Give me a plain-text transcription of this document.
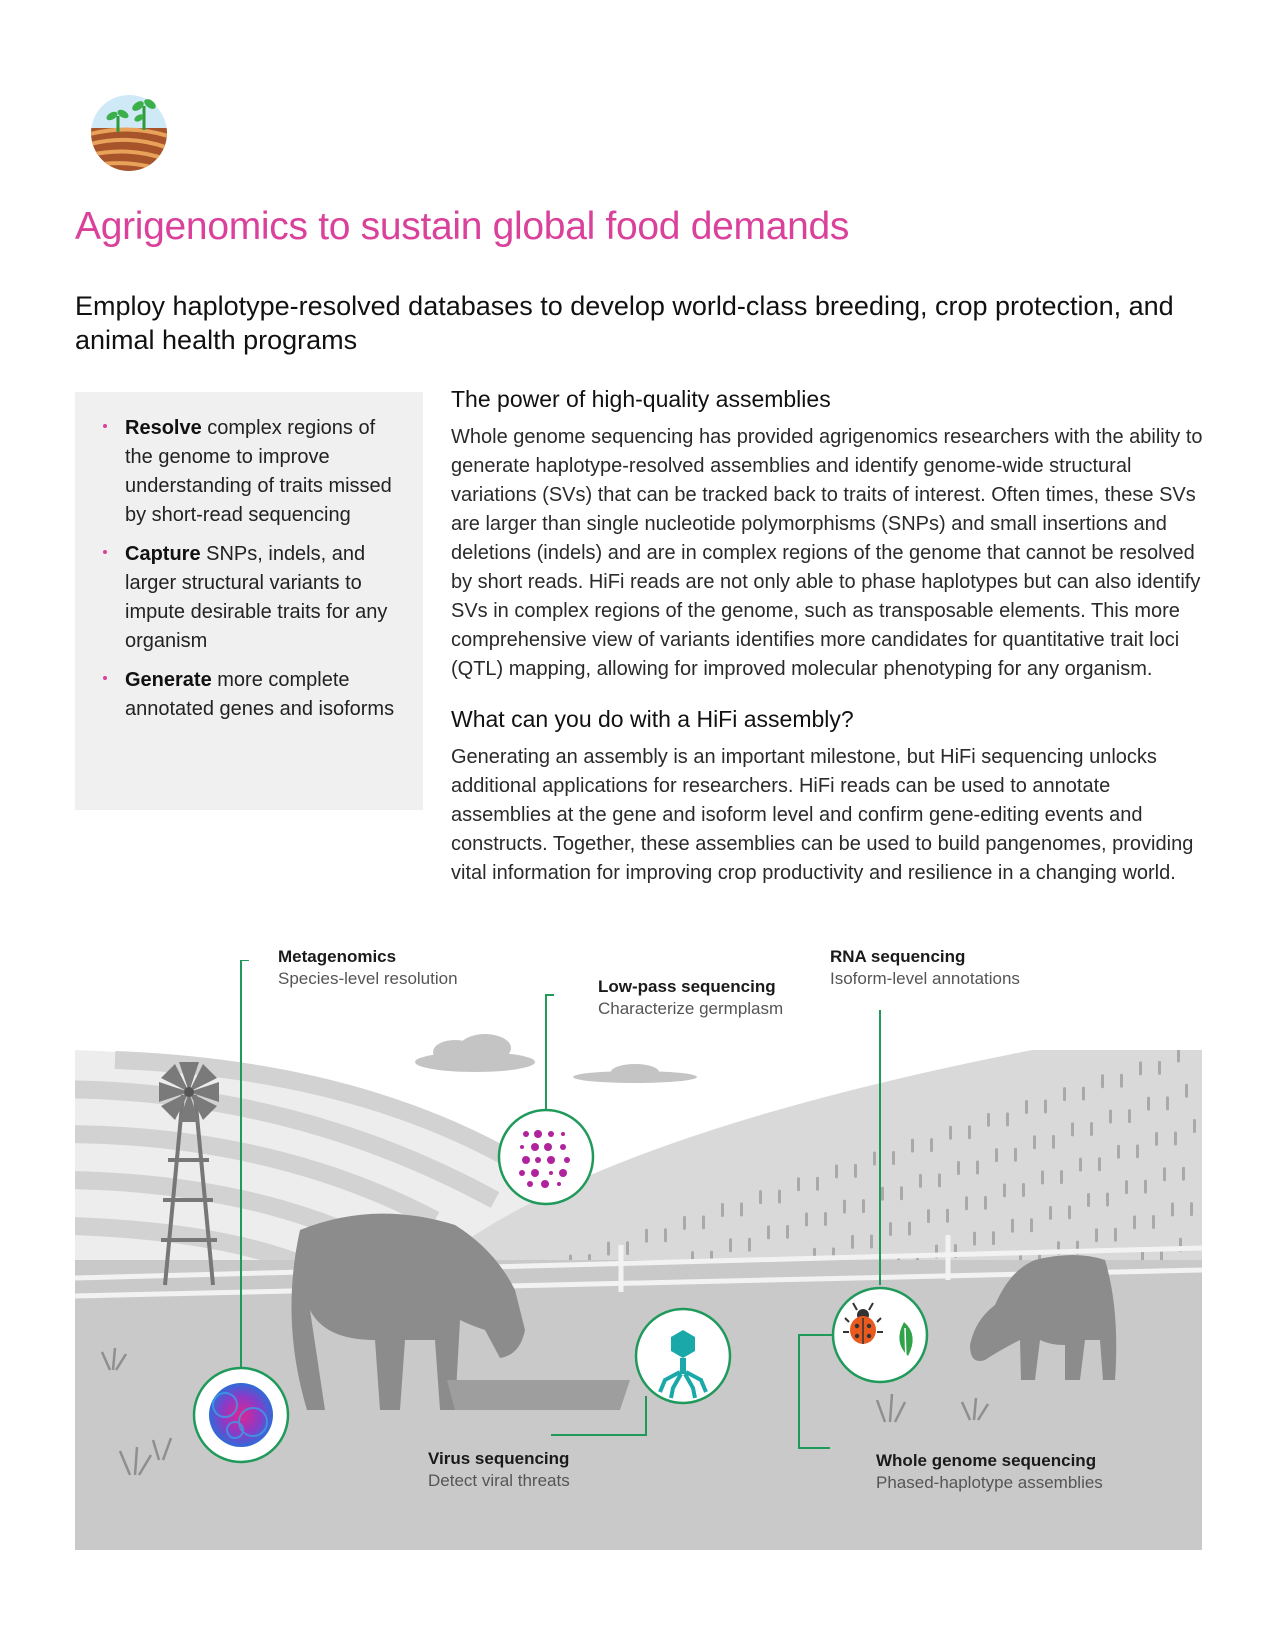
Agrigenomics to sustain global food demands
Employ haplotype-resolved databases to develop world-class breeding, crop protection, and animal health programs
Resolve complex regions of the genome to improve understanding of traits missed by short-read sequencing
Capture SNPs, indels, and larger structural variants to impute desirable traits for any organism
Generate more complete annotated genes and isoforms
The power of high-quality assemblies

Whole genome sequencing has provided agrigenomics researchers with the ability to generate haplotype-resolved assemblies and identify genome-wide structural variations (SVs) that can be tracked back to traits of interest. Often times, these SVs are larger than single nucleotide polymorphisms (SNPs) and small insertions and deletions (indels) and are in complex regions of the genome that cannot be resolved by short reads. HiFi reads are not only able to phase haplotypes but can also identify SVs in complex regions of the genome, such as transposable elements. This more comprehensive view of variants identifies more candidates for quantitative trait loci (QTL) mapping, allowing for improved molecular phenotyping for any organism.

What can you do with a HiFi assembly?

Generating an assembly is an important milestone, but HiFi sequencing unlocks additional applications for researchers. HiFi reads can be used to annotate assemblies at the gene and isoform level and confirm gene-editing events and constructs. Together, these assemblies can be used to build pangenomes, providing vital information for improving crop productivity and resilience in a changing world.

Metagenomics
Species-level resolution	Low-pass sequencing
Characterize germplasm
RNA sequencing
Isoform-level annotations
Virus sequencing
Detect viral threats
Whole genome sequencing
Phased-haplotype assemblies
